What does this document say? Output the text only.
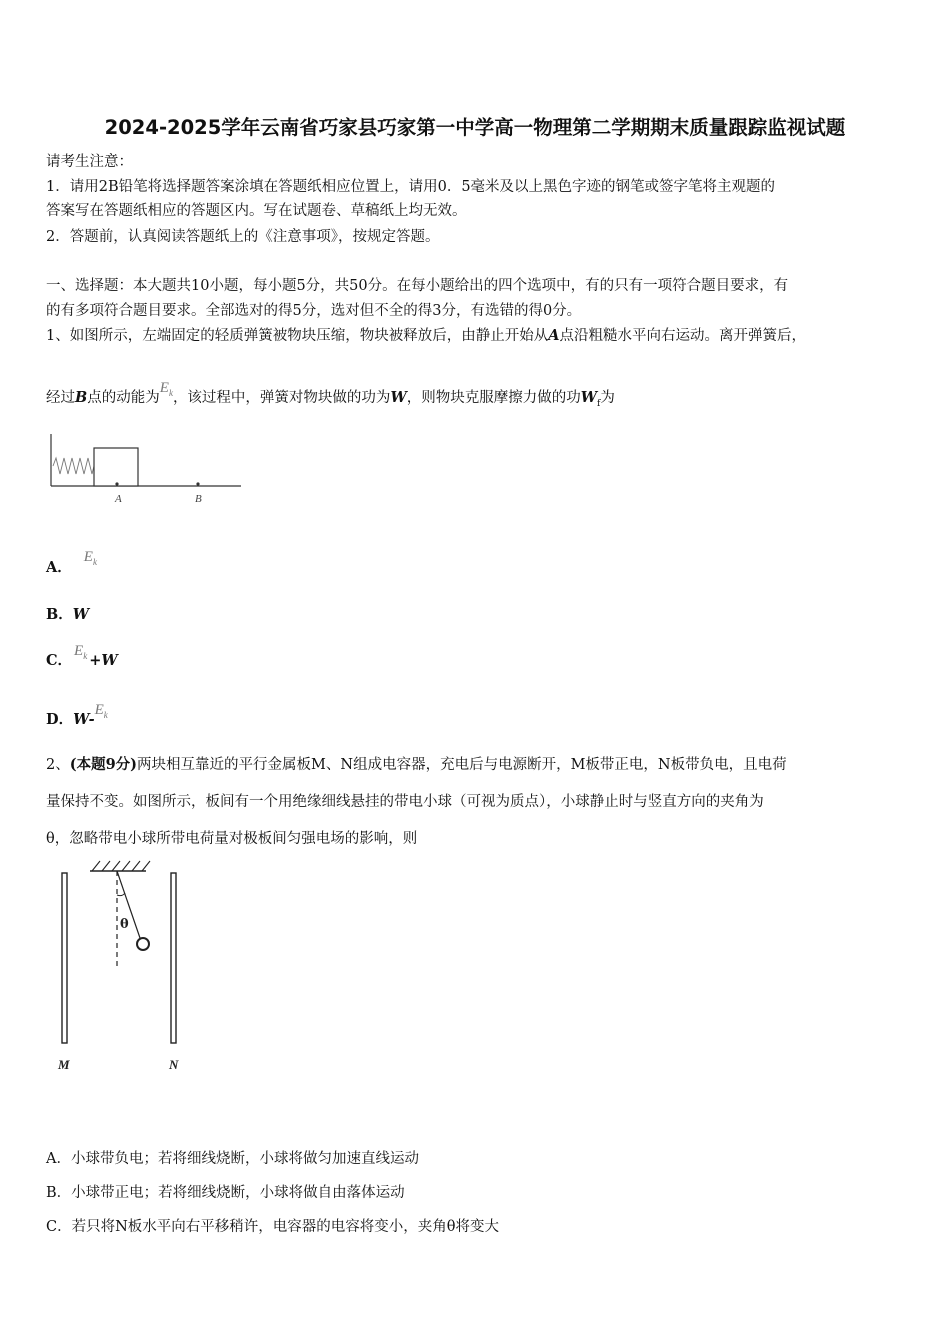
2024-2025学年云南省巧家县巧家第一中学高一物理第二学期期末质量跟踪监视试题
请考生注意：
1．请用2B铅笔将选择题答案涂填在答题纸相应位置上，请用0．5毫米及以上黑色字迹的钢笔或签字笔将主观题的
答案写在答题纸相应的答题区内。写在试题卷、草稿纸上均无效。
2．答题前，认真阅读答题纸上的《注意事项》，按规定答题。
一、选择题：本大题共10小题，每小题5分，共50分。在每小题给出的四个选项中，有的只有一项符合题目要求，有
的有多项符合题目要求。全部选对的得5分，选对但不全的得3分，有选错的得0分。
1、如图所示，左端固定的轻质弹簧被物块压缩，物块被释放后，由静止开始从A点沿粗糙水平向右运动。离开弹簧后，
经过B点的动能为$E_k$，该过程中，弹簧对物块做的功为W，则物块克服摩擦力做的功$W_f$为
A	B
A．$E_k$
B．W
C．$E_k +W$
D．$W-E_k$
2、(本题9分)两块相互靠近的平行金属板M、N组成电容器，充电后与电源断开，M板带正电，N板带负电，且电荷
量保持不变。如图所示，板间有一个用绝缘细线悬挂的带电小球（可视为质点），小球静止时与竖直方向的夹角为
θ，忽略带电小球所带电荷量对极板间匀强电场的影响，则
θ
M	N
A．小球带负电；若将细线烧断，小球将做匀加速直线运动
B．小球带正电；若将细线烧断，小球将做自由落体运动
C．若只将N板水平向右平移稍许，电容器的电容将变小，夹角θ将变大
